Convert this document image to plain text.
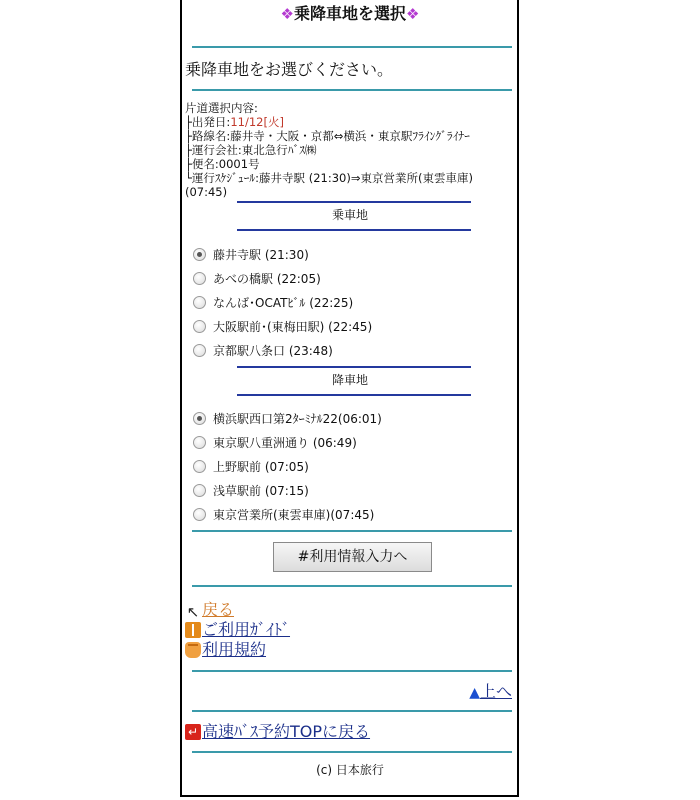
❖乗降車地を選択❖
乗降車地をお選びください。
片道選択内容:
├出発日:11/12[火]
├路線名:藤井寺・大阪・京都⇔横浜・東京駅ﾌﾗｲﾝｸﾞﾗｲﾅｰ
├運行会社:東北急行ﾊﾞｽ㈱
├便名:0001号
└運行ｽｹｼﾞｭｰﾙ:藤井寺駅 (21:30)⇒東京営業所(東雲車庫)(07:45)
乗車地
藤井寺駅 (21:30)
あべの橋駅 (22:05)
なんば･OCATﾋﾞﾙ (22:25)
大阪駅前･(東梅田駅) (22:45)
京都駅八条口 (23:48)
降車地
横浜駅西口第2ﾀｰﾐﾅﾙ22(06:01)
東京駅八重洲通り (06:49)
上野駅前 (07:05)
浅草駅前 (07:15)
東京営業所(東雲車庫)(07:45)
#利用情報入力へ
↖ 戻る
ご利用ｶﾞｲﾄﾞ
利用規約
▲上へ
↵ 高速ﾊﾞｽ予約TOPに戻る
(c) 日本旅行
